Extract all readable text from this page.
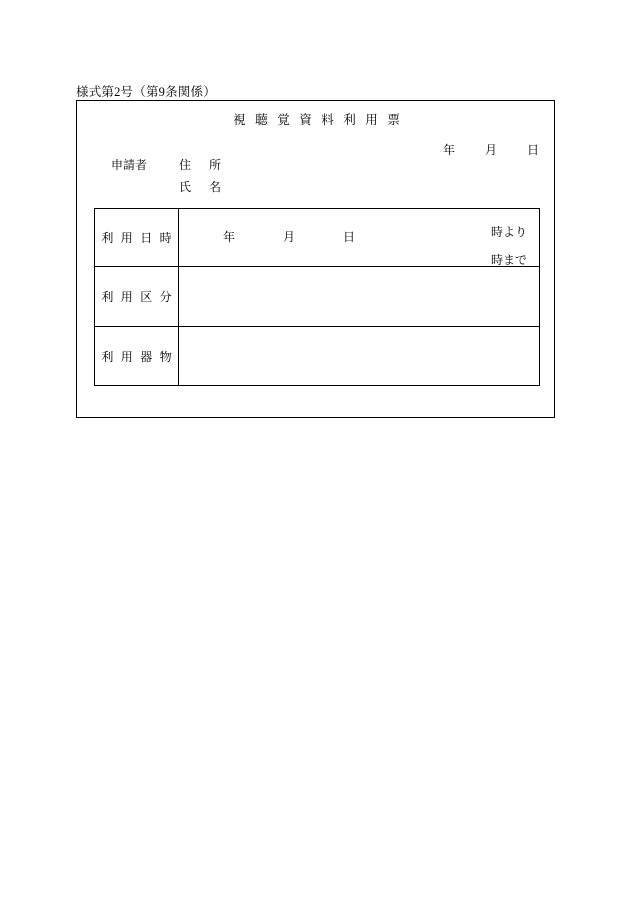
様式第2号（第9条関係）
視 聴 覚 資 料 利 用 票
年	月	日
申請者	住　所
氏　名
利 用 日 時	年 月 日 時より
時まで

利 用 区 分	
利 用 器 物	
